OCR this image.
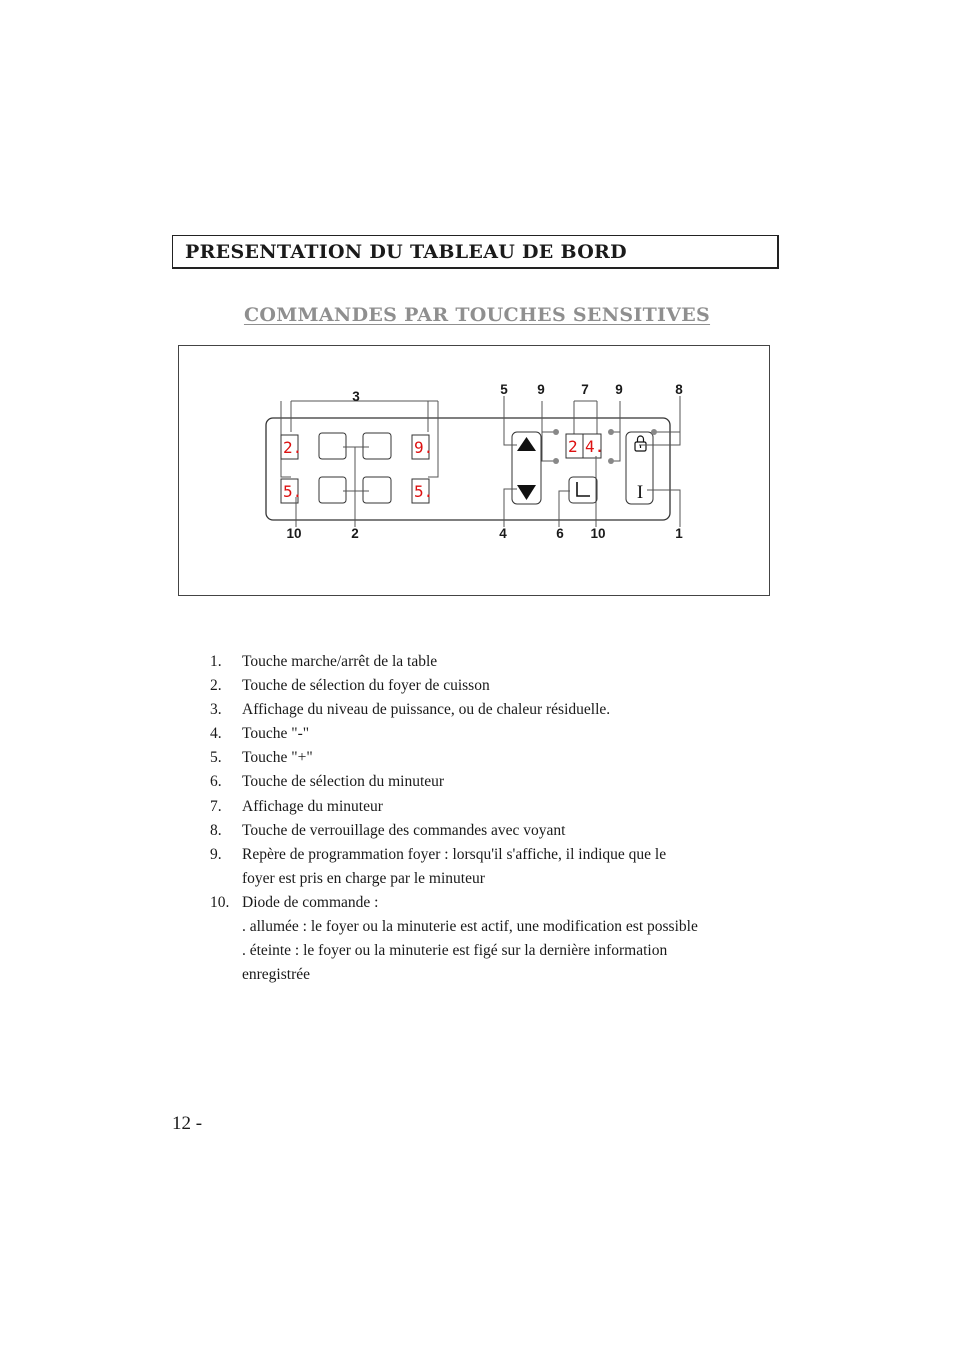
PRESENTATION DU TABLEAU DE BORD
COMMANDES PAR TOUCHES SENSITIVES
2.
5.
9.
5.
2 4.
I
3	5 9	7 9	8
10	2	4	6 10	1
1. Touche marche/arrêt de la table
2. Touche de sélection du foyer de cuisson
3. Affichage du niveau de puissance, ou de chaleur résiduelle.
4. Touche "-"
5. Touche "+"
6. Touche de sélection du minuteur
7. Affichage du minuteur
8. Touche de verrouillage des commandes avec voyant
9. Repère de programmation foyer : lorsqu'il s'affiche, il indique que le
foyer est pris en charge par le minuteur
10. Diode de commande :
. allumée : le foyer ou la minuterie est actif, une modification est possible
. éteinte : le foyer ou la minuterie est figé sur la dernière information
enregistrée
12 -
